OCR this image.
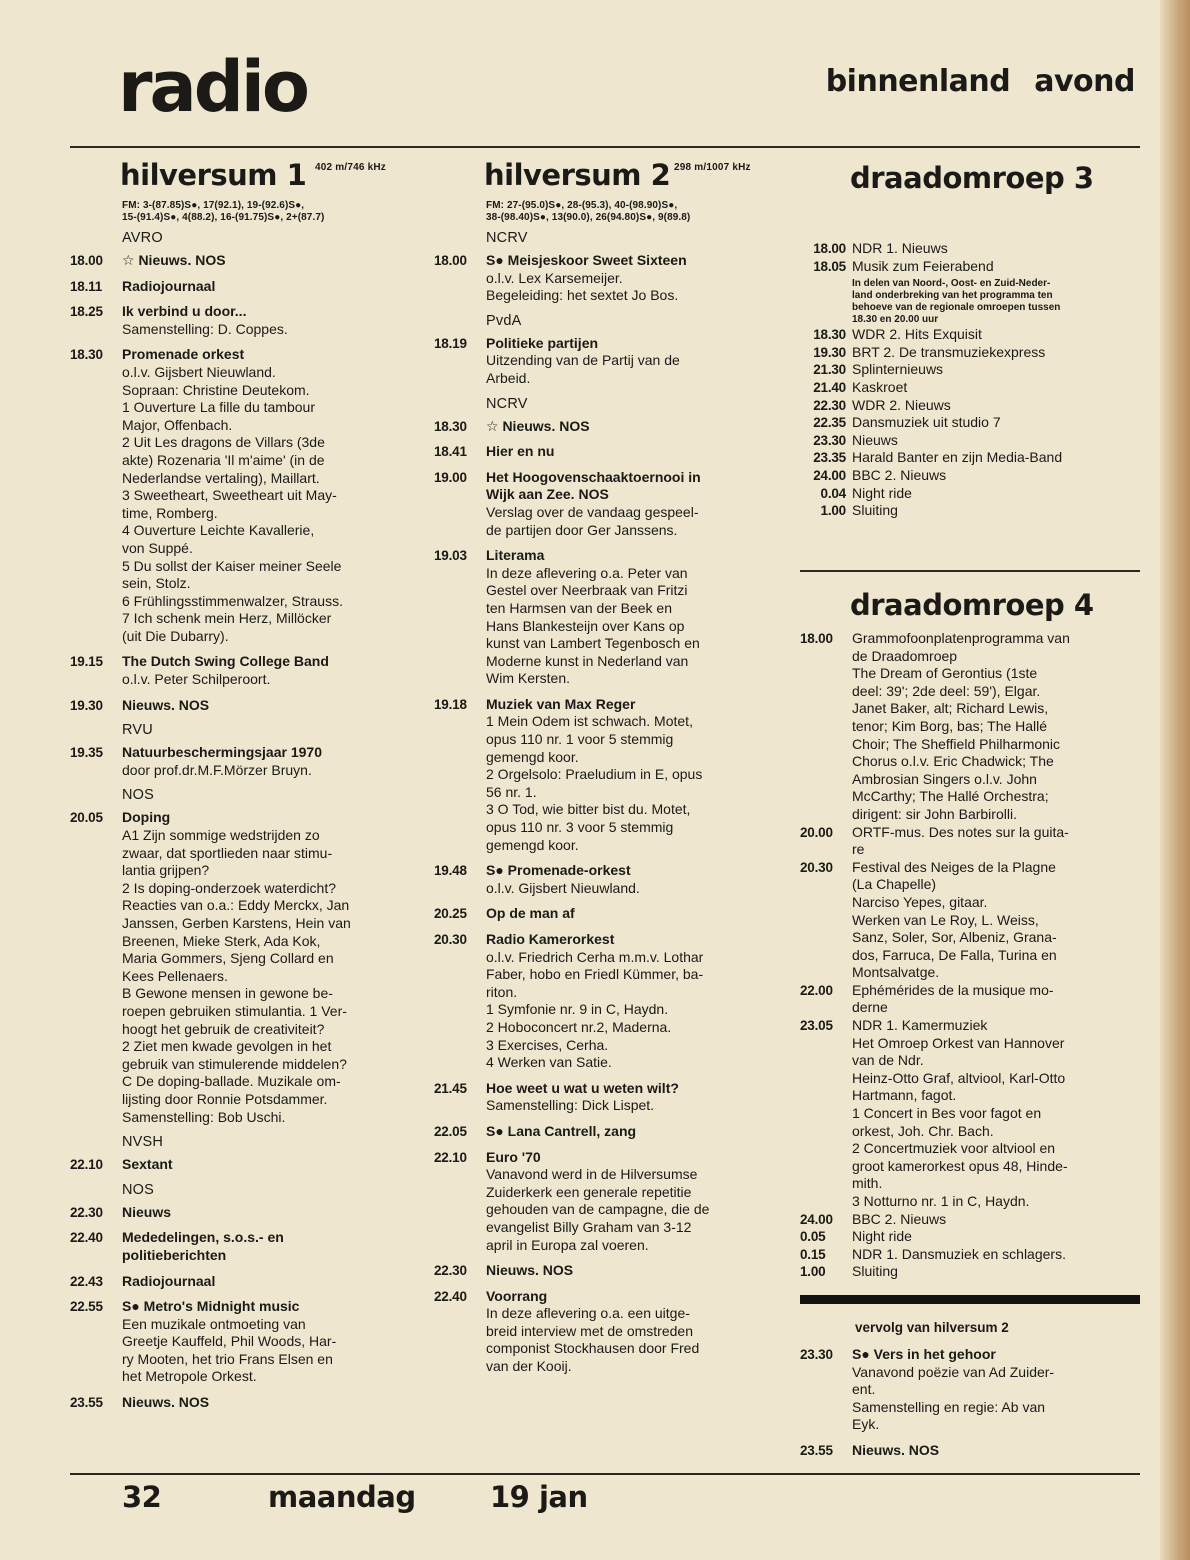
radio	binnenland avond
hilversum 1 402 m/746 kHz
FM: 3-(87.85)S●, 17(92.1), 19-(92.6)S●,
15-(91.4)S●, 4(88.2), 16-(91.75)S●, 2+(87.7)
AVRO
18.00	☆ Nieuws. NOS
18.11	Radiojournaal
18.25	Ik verbind u door...
Samenstelling: D. Coppes.
18.30	Promenade orkest
o.l.v. Gijsbert Nieuwland.
Sopraan: Christine Deutekom.
1 Ouverture La fille du tambour
Major, Offenbach.
2 Uit Les dragons de Villars (3de
akte) Rozenaria 'Il m'aime' (in de
Nederlandse vertaling), Maillart.
3 Sweetheart, Sweetheart uit May-
time, Romberg.
4 Ouverture Leichte Kavallerie,
von Suppé.
5 Du sollst der Kaiser meiner Seele
sein, Stolz.
6 Frühlingsstimmenwalzer, Strauss.
7 Ich schenk mein Herz, Millöcker
(uit Die Dubarry).
19.15	The Dutch Swing College Band
o.l.v. Peter Schilperoort.
19.30	Nieuws. NOS
RVU
19.35	Natuurbeschermingsjaar 1970
door prof.dr.M.F.Mörzer Bruyn.
NOS
20.05	Doping
A1 Zijn sommige wedstrijden zo
zwaar, dat sportlieden naar stimu-
lantia grijpen?
2 Is doping-onderzoek waterdicht?
Reacties van o.a.: Eddy Merckx, Jan
Janssen, Gerben Karstens, Hein van
Breenen, Mieke Sterk, Ada Kok,
Maria Gommers, Sjeng Collard en
Kees Pellenaers.
B Gewone mensen in gewone be-
roepen gebruiken stimulantia. 1 Ver-
hoogt het gebruik de creativiteit?
2 Ziet men kwade gevolgen in het
gebruik van stimulerende middelen?
C De doping-ballade. Muzikale om-
lijsting door Ronnie Potsdammer.
Samenstelling: Bob Uschi.
NVSH
22.10	Sextant
NOS
22.30	Nieuws
22.40	Mededelingen, s.o.s.- en
politieberichten
22.43	Radiojournaal
22.55	S● Metro's Midnight music
Een muzikale ontmoeting van
Greetje Kauffeld, Phil Woods, Har-
ry Mooten, het trio Frans Elsen en
het Metropole Orkest.
23.55	Nieuws. NOS
hilversum 2 298 m/1007 kHz
FM: 27-(95.0)S●, 28-(95.3), 40-(98.90)S●,
38-(98.40)S●, 13(90.0), 26(94.80)S●, 9(89.8)
NCRV
18.00	S● Meisjeskoor Sweet Sixteen
o.l.v. Lex Karsemeijer.
Begeleiding: het sextet Jo Bos.
PvdA
18.19	Politieke partijen
Uitzending van de Partij van de
Arbeid.
NCRV
18.30	☆ Nieuws. NOS
18.41	Hier en nu
19.00	Het Hoogovenschaaktoernooi in
Wijk aan Zee. NOS
Verslag over de vandaag gespeel-
de partijen door Ger Janssens.
19.03	Literama
In deze aflevering o.a. Peter van
Gestel over Neerbraak van Fritzi
ten Harmsen van der Beek en
Hans Blankesteijn over Kans op
kunst van Lambert Tegenbosch en
Moderne kunst in Nederland van
Wim Kersten.
19.18	Muziek van Max Reger
1 Mein Odem ist schwach. Motet,
opus 110 nr. 1 voor 5 stemmig
gemengd koor.
2 Orgelsolo: Praeludium in E, opus
56 nr. 1.
3 O Tod, wie bitter bist du. Motet,
opus 110 nr. 3 voor 5 stemmig
gemengd koor.
19.48	S● Promenade-orkest
o.l.v. Gijsbert Nieuwland.
20.25	Op de man af
20.30	Radio Kamerorkest
o.l.v. Friedrich Cerha m.m.v. Lothar
Faber, hobo en Friedl Kümmer, ba-
riton.
1 Symfonie nr. 9 in C, Haydn.
2 Hoboconcert nr.2, Maderna.
3 Exercises, Cerha.
4 Werken van Satie.
21.45	Hoe weet u wat u weten wilt?
Samenstelling: Dick Lispet.
22.05	S● Lana Cantrell, zang
22.10	Euro '70
Vanavond werd in de Hilversumse
Zuiderkerk een generale repetitie
gehouden van de campagne, die de
evangelist Billy Graham van 3-12
april in Europa zal voeren.
22.30	Nieuws. NOS
22.40	Voorrang
In deze aflevering o.a. een uitge-
breid interview met de omstreden
componist Stockhausen door Fred
van der Kooij.
draadomroep 3
18.00 NDR 1. Nieuws
18.05 Musik zum Feierabend
In delen van Noord-, Oost- en Zuid-Neder-
land onderbreking van het programma ten
behoeve van de regionale omroepen tussen
18.30 en 20.00 uur
18.30 WDR 2. Hits Exquisit
19.30 BRT 2. De transmuziekexpress
21.30 Splinternieuws
21.40 Kaskroet
22.30 WDR 2. Nieuws
22.35 Dansmuziek uit studio 7
23.30 Nieuws
23.35 Harald Banter en zijn Media-Band
24.00 BBC 2. Nieuws
0.04 Night ride
1.00 Sluiting
draadomroep 4
18.00	Grammofoonplatenprogramma van
de Draadomroep
The Dream of Gerontius (1ste
deel: 39'; 2de deel: 59'), Elgar.
Janet Baker, alt; Richard Lewis,
tenor; Kim Borg, bas; The Hallé
Choir; The Sheffield Philharmonic
Chorus o.l.v. Eric Chadwick; The
Ambrosian Singers o.l.v. John
McCarthy; The Hallé Orchestra;
dirigent: sir John Barbirolli.
20.00	ORTF-mus. Des notes sur la guita-
re
20.30	Festival des Neiges de la Plagne
(La Chapelle)
Narciso Yepes, gitaar.
Werken van Le Roy, L. Weiss,
Sanz, Soler, Sor, Albeniz, Grana-
dos, Farruca, De Falla, Turina en
Montsalvatge.
22.00	Ephémérides de la musique mo-
derne
23.05	NDR 1. Kamermuziek
Het Omroep Orkest van Hannover
van de Ndr.
Heinz-Otto Graf, altviool, Karl-Otto
Hartmann, fagot.
1 Concert in Bes voor fagot en
orkest, Joh. Chr. Bach.
2 Concertmuziek voor altviool en
groot kamerorkest opus 48, Hinde-
mith.
3 Notturno nr. 1 in C, Haydn.
24.00	BBC 2. Nieuws
0.05	Night ride
0.15	NDR 1. Dansmuziek en schlagers.
1.00	Sluiting
vervolg van hilversum 2
23.30	S● Vers in het gehoor
Vanavond poëzie van Ad Zuider-
ent.
Samenstelling en regie: Ab van
Eyk.
23.55	Nieuws. NOS
32	maandag	19 jan
